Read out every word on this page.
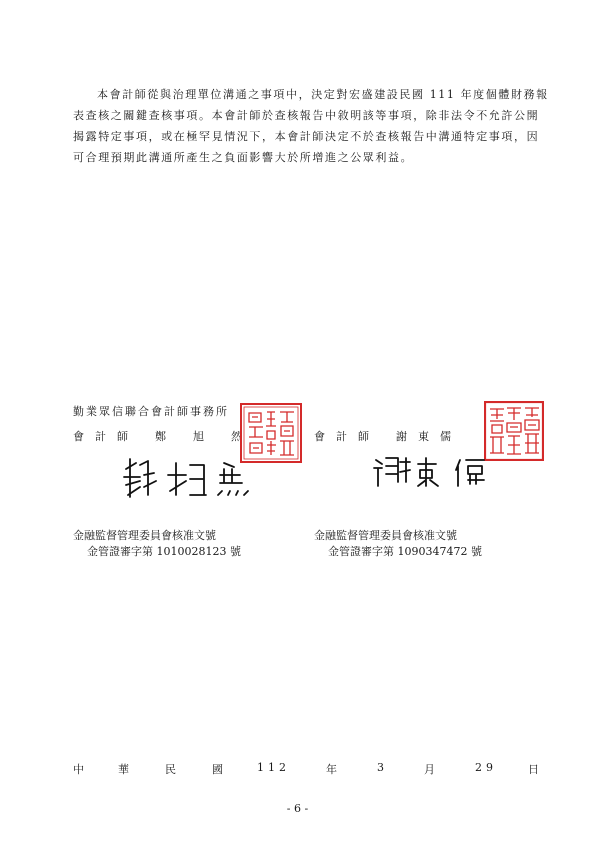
本會計師從與治理單位溝通之事項中，決定對宏盛建設民國 111 年度個體財務報表查核之關鍵查核事項。本會計師於查核報告中敘明該等事項，除非法令不允許公開揭露特定事項，或在極罕見情況下，本會計師決定不於查核報告中溝通特定事項，因可合理預期此溝通所產生之負面影響大於所增進之公眾利益。

勤業眾信聯合會計師事務所
會	計	師	鄭	旭	然	會	計	師	謝	東	儒
金融監督管理委員會核准文號
金管證審字第 1010028123 號
金融監督管理委員會核准文號
金管證審字第 1090347472 號
中	華	民	國	112	年	3	月	29	日
- 6 -
